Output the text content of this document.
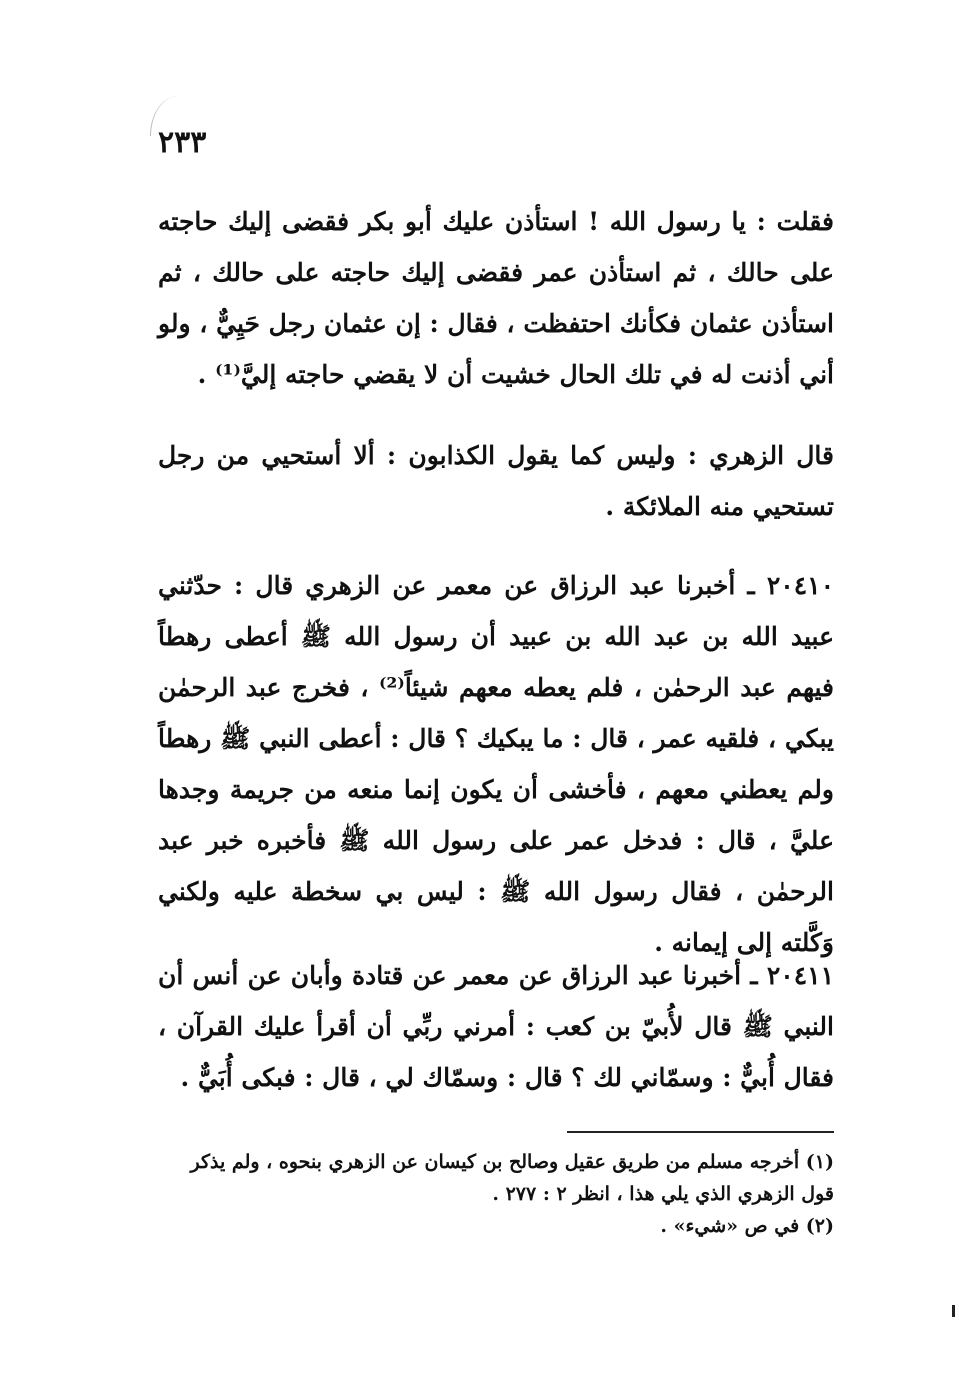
٢٣٣
فقلت : يا رسول الله ! استأذن عليك أبو بكر فقضى إليك حاجته على حالك ، ثم استأذن عمر فقضى إليك حاجته على حالك ، ثم استأذن عثمان فكأنك احتفظت ، فقال : إن عثمان رجل حَيِيٌّ ، ولو أني أذنت له في تلك الحال خشيت أن لا يقضي حاجته إليَّ⁽¹⁾ .
قال الزهري : وليس كما يقول الكذابون : ألا أستحيي من رجل تستحيي منه الملائكة .
٢٠٤١٠ ـ أخبرنا عبد الرزاق عن معمر عن الزهري قال : حدّثني عبيد الله بن عبد الله بن عبيد أن رسول الله ﷺ أعطى رهطاً فيهم عبد الرحمٰن ، فلم يعطه معهم شيئاً⁽²⁾ ، فخرج عبد الرحمٰن يبكي ، فلقيه عمر ، قال : ما يبكيك ؟ قال : أعطى النبي ﷺ رهطاً ولم يعطني معهم ، فأخشى أن يكون إنما منعه من جريمة وجدها عليَّ ، قال : فدخل عمر على رسول الله ﷺ فأخبره خبر عبد الرحمٰن ، فقال رسول الله ﷺ : ليس بي سخطة عليه ولكني وَكَّلته إلى إيمانه .
٢٠٤١١ ـ أخبرنا عبد الرزاق عن معمر عن قتادة وأبان عن أنس أن النبي ﷺ قال لأُبيّ بن كعب : أمرني ربِّي أن أقرأ عليك القرآن ، فقال أُبيٌّ : وسمّاني لك ؟ قال : وسمّاك لي ، قال : فبكى أُبَيٌّ .
(١) أخرجه مسلم من طريق عقيل وصالح بن كيسان عن الزهري بنحوه ، ولم يذكر قول الزهري الذي يلي هذا ، انظر ٢ : ٢٧٧ .
(٢) في ص «شيء» .
